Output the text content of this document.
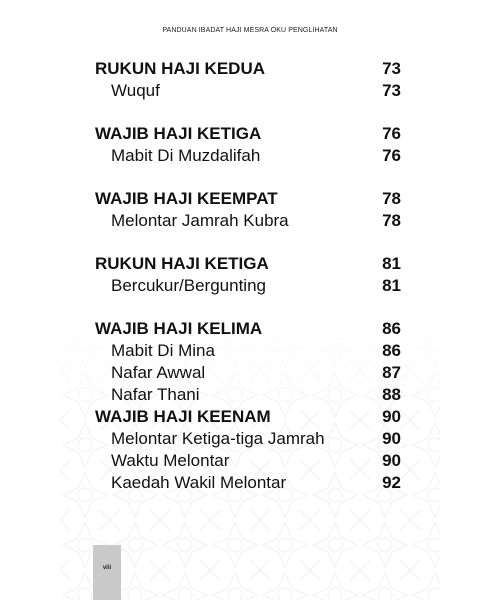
PANDUAN IBADAT HAJI MESRA OKU PENGLIHATAN
RUKUN HAJI KEDUA	73
Wuquf	73
WAJIB HAJI KETIGA	76
Mabit Di Muzdalifah	76
WAJIB HAJI KEEMPAT	78
Melontar Jamrah Kubra	78
RUKUN HAJI KETIGA	81
Bercukur/Bergunting	81
WAJIB HAJI KELIMA	86
Mabit Di Mina	86
Nafar Awwal	87
Nafar Thani	88
WAJIB HAJI KEENAM	90
Melontar Ketiga-tiga Jamrah	90
Waktu Melontar	90
Kaedah Wakil Melontar	92
viii
